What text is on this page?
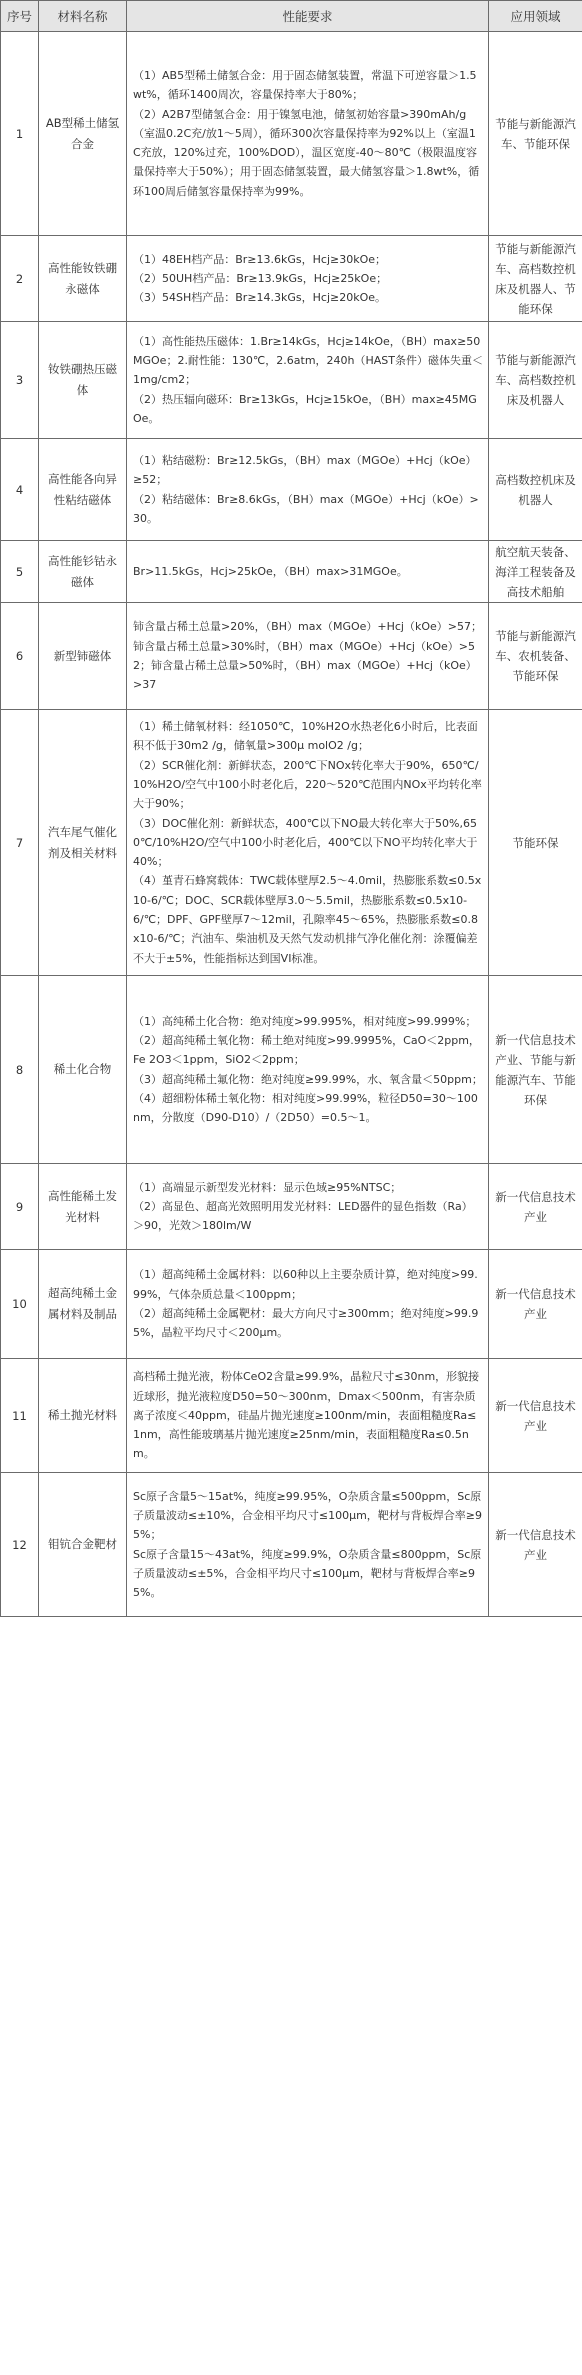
序号	材料名称	性能要求	应用领域
1	AB型稀土储氢合金	（1）AB5型稀土储氢合金：用于固态储氢装置，常温下可逆容量＞1.5 wt%，循环1400周次，容量保持率大于80%；
（2）A2B7型储氢合金：用于镍氢电池，储氢初始容量>390mAh/g（室温0.2C充/放1～5周），循环300次容量保持率为92%以上（室温1C充放，120%过充，100%DOD），温区宽度-40～80℃（极限温度容量保持率大于50%）；用于固态储氢装置，最大储氢容量＞1.8wt%，循环100周后储氢容量保持率为99%。	节能与新能源汽车、节能环保
2	高性能钕铁硼永磁体	（1）48EH档产品：Br≥13.6kGs，Hcj≥30kOe；
（2）50UH档产品：Br≥13.9kGs，Hcj≥25kOe；
（3）54SH档产品：Br≥14.3kGs，Hcj≥20kOe。	节能与新能源汽车、高档数控机床及机器人、节能环保
3	钕铁硼热压磁体	（1）高性能热压磁体：1.Br≥14kGs，Hcj≥14kOe，（BH）max≥50MGOe；2.耐性能：130℃，2.6atm，240h（HAST条件）磁体失重＜1mg/cm2；
（2）热压辐向磁环：Br≥13kGs，Hcj≥15kOe，（BH）max≥45MGOe。	节能与新能源汽车、高档数控机床及机器人
4	高性能各向异性粘结磁体	（1）粘结磁粉：Br≥12.5kGs，（BH）max（MGOe）+Hcj（kOe）≥52；
（2）粘结磁体：Br≥8.6kGs，（BH）max（MGOe）+Hcj（kOe）>30。	高档数控机床及机器人
5	高性能钐钴永磁体	Br>11.5kGs，Hcj>25kOe，（BH）max>31MGOe。	航空航天装备、海洋工程装备及高技术船舶
6	新型铈磁体	铈含量占稀土总量>20%，（BH）max（MGOe）+Hcj（kOe）>57；铈含量占稀土总量>30%时，（BH）max（MGOe）+Hcj（kOe）>52；铈含量占稀土总量>50%时，（BH）max（MGOe）+Hcj（kOe）>37	节能与新能源汽车、农机装备、节能环保
7	汽车尾气催化剂及相关材料	（1）稀土储氧材料：经1050℃，10%H2O水热老化6小时后，比表面积不低于30m2 /g，储氧量>300μ molO2 /g；
（2）SCR催化剂：新鲜状态，200℃下NOx转化率大于90%，650℃/10%H2O/空气中100小时老化后，220～520℃范围内NOx平均转化率大于90%；
（3）DOC催化剂：新鲜状态，400℃以下NO最大转化率大于50%,650℃/10%H2O/空气中100小时老化后，400℃以下NO平均转化率大于40%；
（4）堇青石蜂窝载体：TWC载体壁厚2.5～4.0mil，热膨胀系数≤0.5x10-6/℃；DOC、SCR载体壁厚3.0～5.5mil，热膨胀系数≤0.5x10-6/℃；DPF、GPF壁厚7～12mil，孔隙率45～65%，热膨胀系数≤0.8x10-6/℃；汽油车、柴油机及天然气发动机排气净化催化剂：涂覆偏差不大于±5%，性能指标达到国VI标准。	节能环保
8	稀土化合物	（1）高纯稀土化合物：绝对纯度>99.995%，相对纯度>99.999%；
（2）超高纯稀土氧化物：稀土绝对纯度>99.9995%，CaO＜2ppm，Fe 2O3＜1ppm，SiO2＜2ppm；
（3）超高纯稀土氟化物：绝对纯度≥99.99%，水、氧含量＜50ppm；
（4）超细粉体稀土氧化物：相对纯度>99.99%，粒径D50=30～100nm，分散度（D90-D10）/（2D50）=0.5～1。	新一代信息技术产业、节能与新能源汽车、节能环保
9	高性能稀土发光材料	（1）高端显示新型发光材料：显示色域≥95%NTSC；
（2）高显色、超高光效照明用发光材料：LED器件的显色指数（Ra）＞90，光效＞180lm/W	新一代信息技术产业
10	超高纯稀土金属材料及制品	（1）超高纯稀土金属材料：以60种以上主要杂质计算，绝对纯度>99.99%，气体杂质总量＜100ppm；
（2）超高纯稀土金属靶材：最大方向尺寸≥300mm；绝对纯度>99.95%，晶粒平均尺寸＜200μm。	新一代信息技术产业
11	稀土抛光材料	高档稀土抛光液，粉体CeO2含量≥99.9%，晶粒尺寸≤30nm，形貌接近球形，抛光液粒度D50=50～300nm，Dmax＜500nm，有害杂质离子浓度＜40ppm，硅晶片抛光速度≥100nm/min，表面粗糙度Ra≤1nm，高性能玻璃基片抛光速度≥25nm/min，表面粗糙度Ra≤0.5nm。	新一代信息技术产业
12	钼钪合金靶材	Sc原子含量5～15at%，纯度≥99.95%，O杂质含量≤500ppm，Sc原子质量波动≤±10%，合金相平均尺寸≤100μm，靶材与背板焊合率≥95%；
Sc原子含量15～43at%，纯度≥99.9%，O杂质含量≤800ppm，Sc原子质量波动≤±5%，合金相平均尺寸≤100μm，靶材与背板焊合率≥95%。	新一代信息技术产业
